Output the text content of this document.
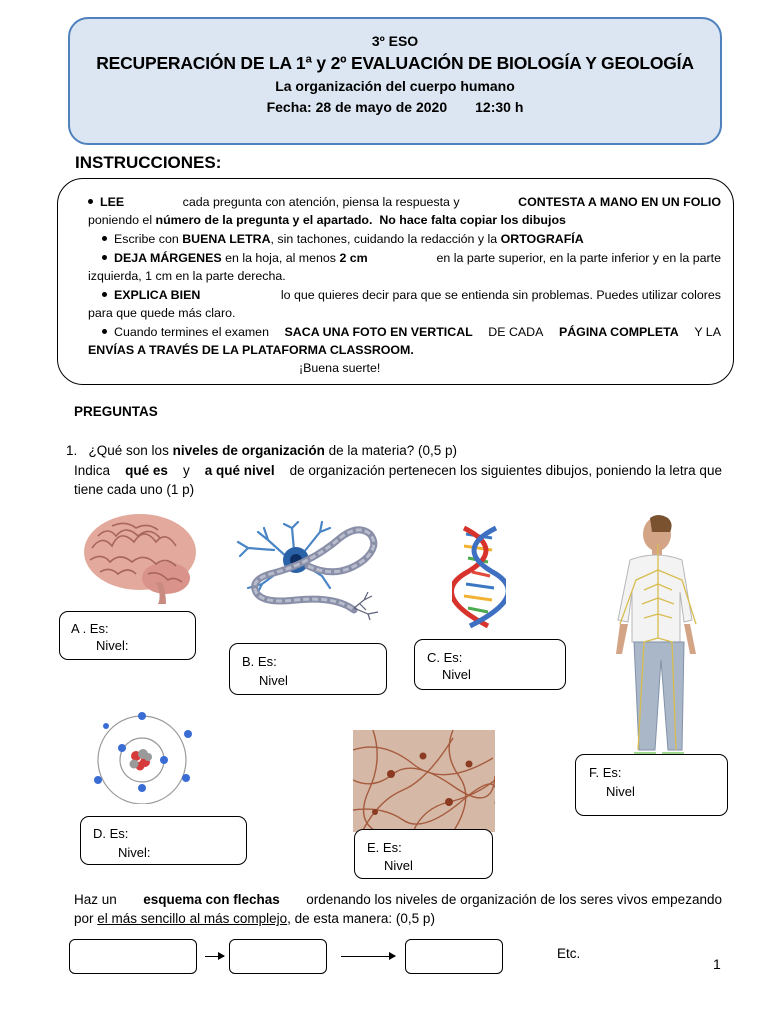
3º ESO
RECUPERACIÓN DE LA 1ª y 2º EVALUACIÓN DE BIOLOGÍA Y GEOLOGÍA
La organización del cuerpo humano
Fecha: 28 de mayo de 2020 12:30 h
INSTRUCCIONES:
LEE	cada pregunta con atención, piensa la respuesta y	CONTESTA A MANO EN UN FOLIO
poniendo el número de la pregunta y el apartado. No hace falta copiar los dibujos
Escribe con BUENA LETRA, sin tachones, cuidando la redacción y la ORTOGRAFÍA
DEJA MÁRGENES en la hoja, al menos 2 cm	en la parte superior, en la parte inferior y en la parte
izquierda, 1 cm en la parte derecha.
EXPLICA BIEN	lo que quieres decir para que se entienda sin problemas. Puedes utilizar colores
para que quede más claro.
Cuando termines el examen SACA UNA FOTO EN VERTICAL DE CADA PÁGINA COMPLETA Y LA
ENVÍAS A TRAVÉS DE LA PLATAFORMA CLASSROOM.
¡Buena suerte!
PREGUNTAS
1. ¿Qué son los niveles de organización de la materia? (0,5 p)
Indica qué es y a qué nivel de organización pertenecen los siguientes dibujos, poniendo la letra que
tiene cada uno (1 p)
A . Es:
Nivel:
B. Es:
Nivel
C. Es:
Nivel
D. Es:
Nivel:	E. Es:
Nivel
F. Es:
Nivel
Haz un esquema con flechas ordenando los niveles de organización de los seres vivos empezando
por el más sencillo al más complejo, de esta manera: (0,5 p)
Etc.
1
